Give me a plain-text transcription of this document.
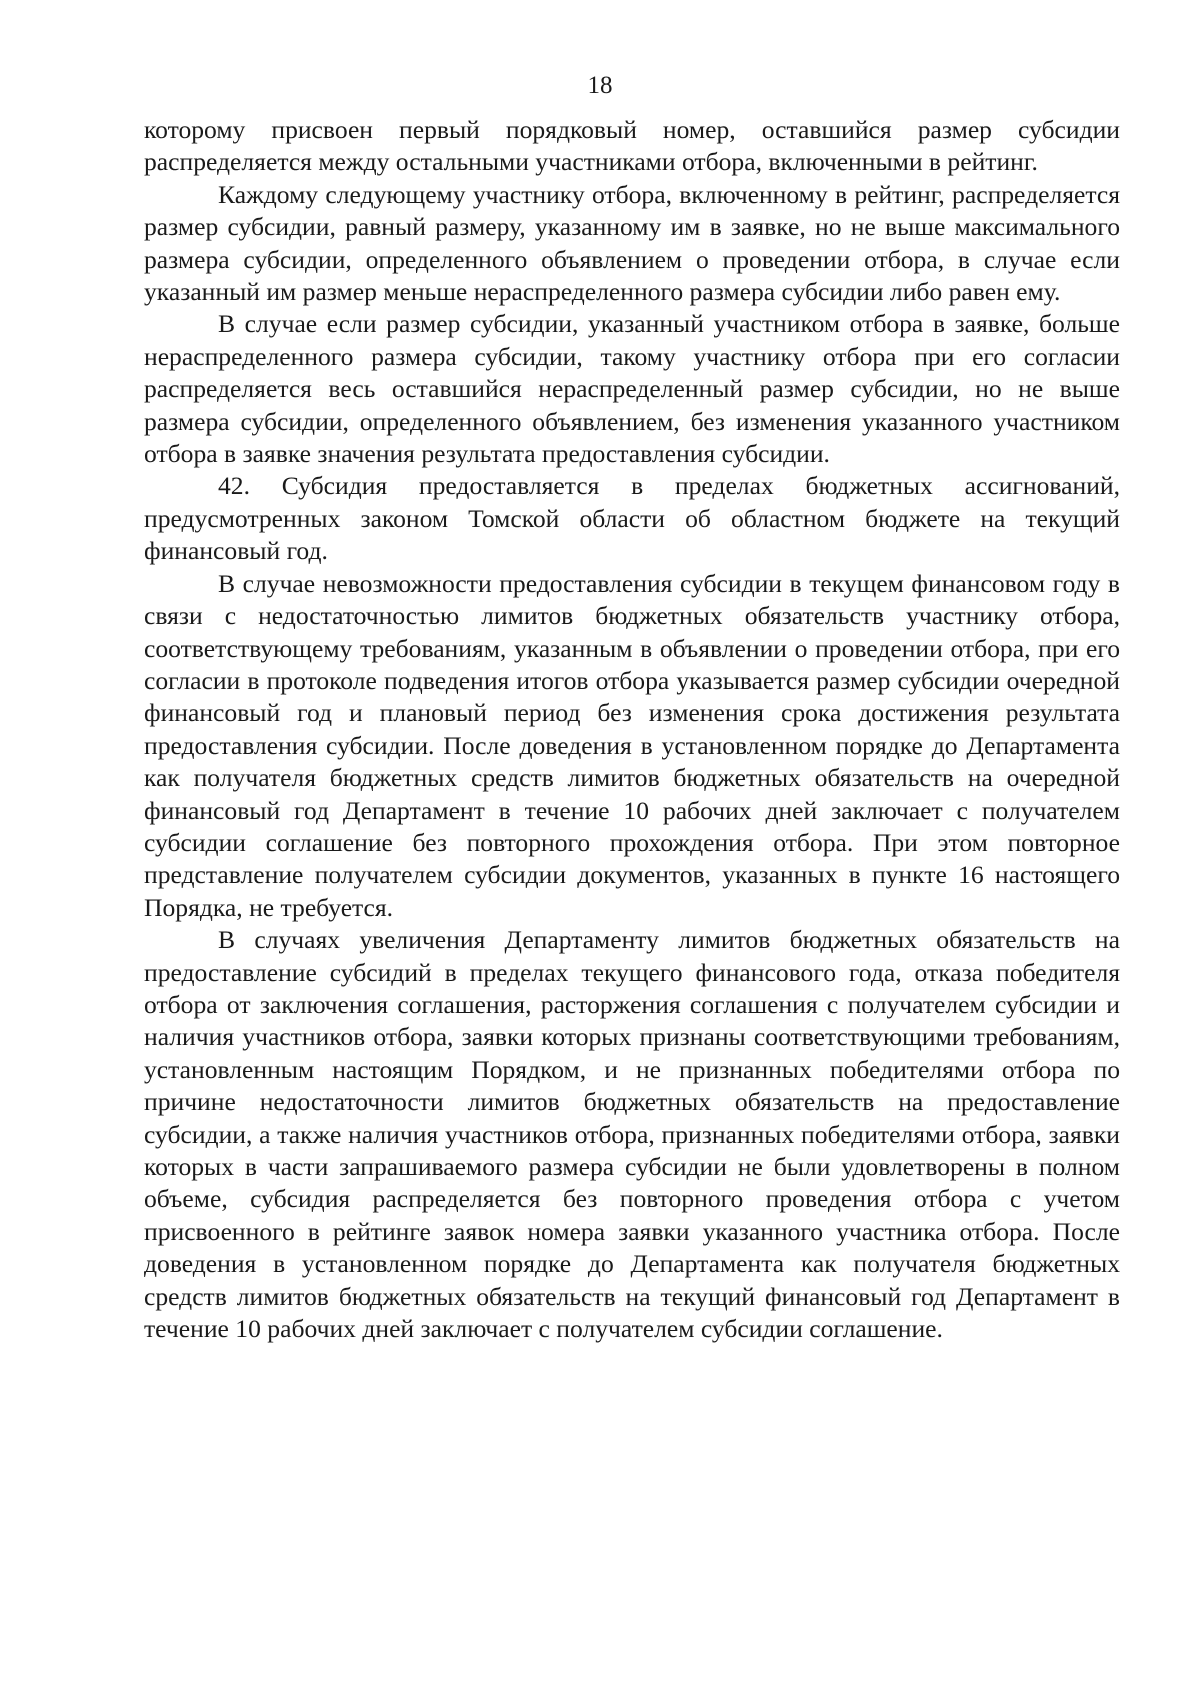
18

которому присвоен первый порядковый номер, оставшийся размер субсидии распределяется между остальными участниками отбора, включенными в рейтинг.

Каждому следующему участнику отбора, включенному в рейтинг, распределяется размер субсидии, равный размеру, указанному им в заявке, но не выше максимального размера субсидии, определенного объявлением о проведении отбора, в случае если указанный им размер меньше нераспределенного размера субсидии либо равен ему.

В случае если размер субсидии, указанный участником отбора в заявке, больше нераспределенного размера субсидии, такому участнику отбора при его согласии распределяется весь оставшийся нераспределенный размер субсидии, но не выше размера субсидии, определенного объявлением, без изменения указанного участником отбора в заявке значения результата предоставления субсидии.

42. Субсидия предоставляется в пределах бюджетных ассигнований, предусмотренных законом Томской области об областном бюджете на текущий финансовый год.

В случае невозможности предоставления субсидии в текущем финансовом году в связи с недостаточностью лимитов бюджетных обязательств участнику отбора, соответствующему требованиям, указанным в объявлении о проведении отбора, при его согласии в протоколе подведения итогов отбора указывается размер субсидии очередной финансовый год и плановый период без изменения срока достижения результата предоставления субсидии. После доведения в установленном порядке до Департамента как получателя бюджетных средств лимитов бюджетных обязательств на очередной финансовый год Департамент в течение 10 рабочих дней заключает с получателем субсидии соглашение без повторного прохождения отбора. При этом повторное представление получателем субсидии документов, указанных в пункте 16 настоящего Порядка, не требуется.

В случаях увеличения Департаменту лимитов бюджетных обязательств на предоставление субсидий в пределах текущего финансового года, отказа победителя отбора от заключения соглашения, расторжения соглашения с получателем субсидии и наличия участников отбора, заявки которых признаны соответствующими требованиям, установленным настоящим Порядком, и не признанных победителями отбора по причине недостаточности лимитов бюджетных обязательств на предоставление субсидии, а также наличия участников отбора, признанных победителями отбора, заявки которых в части запрашиваемого размера субсидии не были удовлетворены в полном объеме, субсидия распределяется без повторного проведения отбора с учетом присвоенного в рейтинге заявок номера заявки указанного участника отбора. После доведения в установленном порядке до Департамента как получателя бюджетных средств лимитов бюджетных обязательств на текущий финансовый год Департамент в течение 10 рабочих дней заключает с получателем субсидии соглашение.
